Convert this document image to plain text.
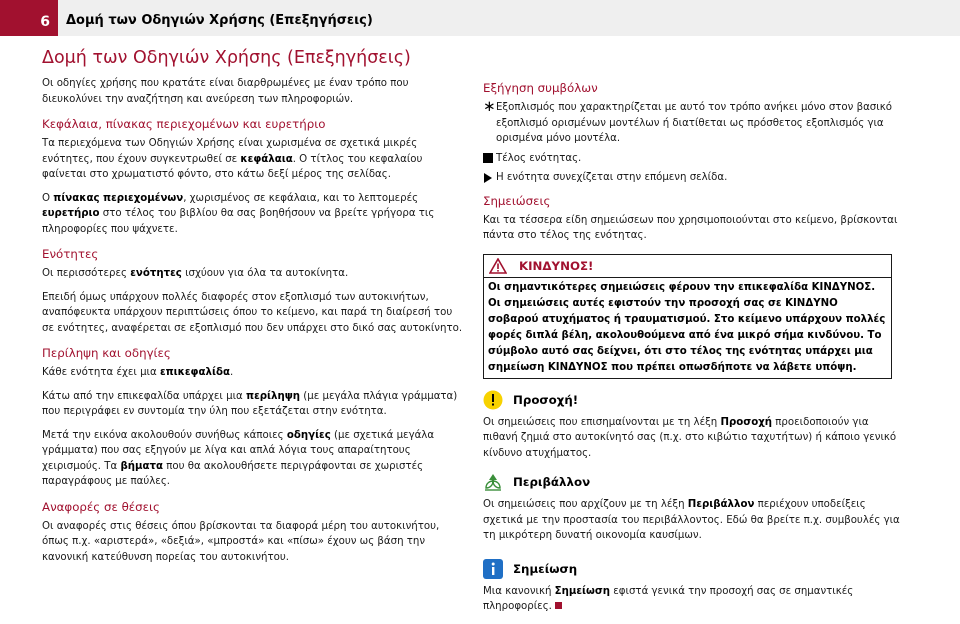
6	Δομή των Οδηγιών Χρήσης (Επεξηγήσεις)
Δομή των Οδηγιών Χρήσης (Επεξηγήσεις)

Οι οδηγίες χρήσης που κρατάτε είναι διαρθρωμένες με έναν τρόπο που διευκολύνει την αναζήτηση και ανεύρεση των πληροφοριών.

Κεφάλαια, πίνακας περιεχομένων και ευρετήριο

Τα περιεχόμενα των Οδηγιών Χρήσης είναι χωρισμένα σε σχετικά μικρές ενότητες, που έχουν συγκεντρωθεί σε κεφάλαια. Ο τίτλος του κεφαλαίου φαίνεται στο χρωματιστό φόντο, στο κάτω δεξί μέρος της σελίδας.

Ο πίνακας περιεχομένων, χωρισμένος σε κεφάλαια, και το λεπτομερές ευρετήριο στο τέλος του βιβλίου θα σας βοηθήσουν να βρείτε γρήγορα τις πληροφορίες που ψάχνετε.

Ενότητες

Οι περισσότερες ενότητες ισχύουν για όλα τα αυτοκίνητα.

Επειδή όμως υπάρχουν πολλές διαφορές στον εξοπλισμό των αυτοκινήτων, αναπόφευκτα υπάρχουν περιπτώσεις όπου το κείμενο, και παρά τη διαίρεσή του σε ενότητες, αναφέρεται σε εξοπλισμό που δεν υπάρχει στο δικό σας αυτοκίνητο.

Περίληψη και οδηγίες

Κάθε ενότητα έχει μια επικεφαλίδα.

Κάτω από την επικεφαλίδα υπάρχει μια περίληψη (με μεγάλα πλάγια γράμματα) που περιγράφει εν συντομία την ύλη που εξετάζεται στην ενότητα.

Μετά την εικόνα ακολουθούν συνήθως κάποιες οδηγίες (με σχετικά μεγάλα γράμματα) που σας εξηγούν με λίγα και απλά λόγια τους απαραίτητους χειρισμούς. Τα βήματα που θα ακολουθήσετε περιγράφονται σε χωριστές παραγράφους με παύλες.

Αναφορές σε θέσεις

Οι αναφορές στις θέσεις όπου βρίσκονται τα διαφορά μέρη του αυτοκινήτου, όπως π.χ. «αριστερά», «δεξιά», «μπροστά» και «πίσω» έχουν ως βάση την κανονική κατεύθυνση πορείας του αυτοκινήτου.

Εξήγηση συμβόλων
∗ Εξοπλισμός που χαρακτηρίζεται με αυτό τον τρόπο ανήκει μόνο στον βασικό εξοπλισμό ορισμένων μοντέλων ή διατίθεται ως πρόσθετος εξοπλισμός για ορισμένα μόνο μοντέλα.
Τέλος ενότητας.
Η ενότητα συνεχίζεται στην επόμενη σελίδα.
Σημειώσεις

Και τα τέσσερα είδη σημειώσεων που χρησιμοποιούνται στο κείμενο, βρίσκονται πάντα στο τέλος της ενότητας.

ΚΙΝΔΥΝΟΣ!
Οι σημαντικότερες σημειώσεις φέρουν την επικεφαλίδα ΚΙΝΔΥΝΟΣ. Οι σημειώσεις αυτές εφιστούν την προσοχή σας σε ΚΙΝΔΥΝΟ σοβαρού ατυχήματος ή τραυματισμού. Στο κείμενο υπάρχουν πολλές φορές διπλά βέλη, ακολουθούμενα από ένα μικρό σήμα κινδύνου. Το σύμβολο αυτό σας δείχνει, ότι στο τέλος της ενότητας υπάρχει μια σημείωση ΚΙΝΔΥΝΟΣ που πρέπει οπωσδήποτε να λάβετε υπόψη.
Προσοχή!

Οι σημειώσεις που επισημαίνονται με τη λέξη Προσοχή προειδοποιούν για πιθανή ζημιά στο αυτοκίνητό σας (π.χ. στο κιβώτιο ταχυτήτων) ή κάποιο γενικό κίνδυνο ατυχήματος.

Περιβάλλον

Οι σημειώσεις που αρχίζουν με τη λέξη Περιβάλλον περιέχουν υποδείξεις σχετικά με την προστασία του περιβάλλοντος. Εδώ θα βρείτε π.χ. συμβουλές για τη μικρότερη δυνατή οικονομία καυσίμων.

Σημείωση

Μια κανονική Σημείωση εφιστά γενικά την προσοχή σας σε σημαντικές πληροφορίες.
